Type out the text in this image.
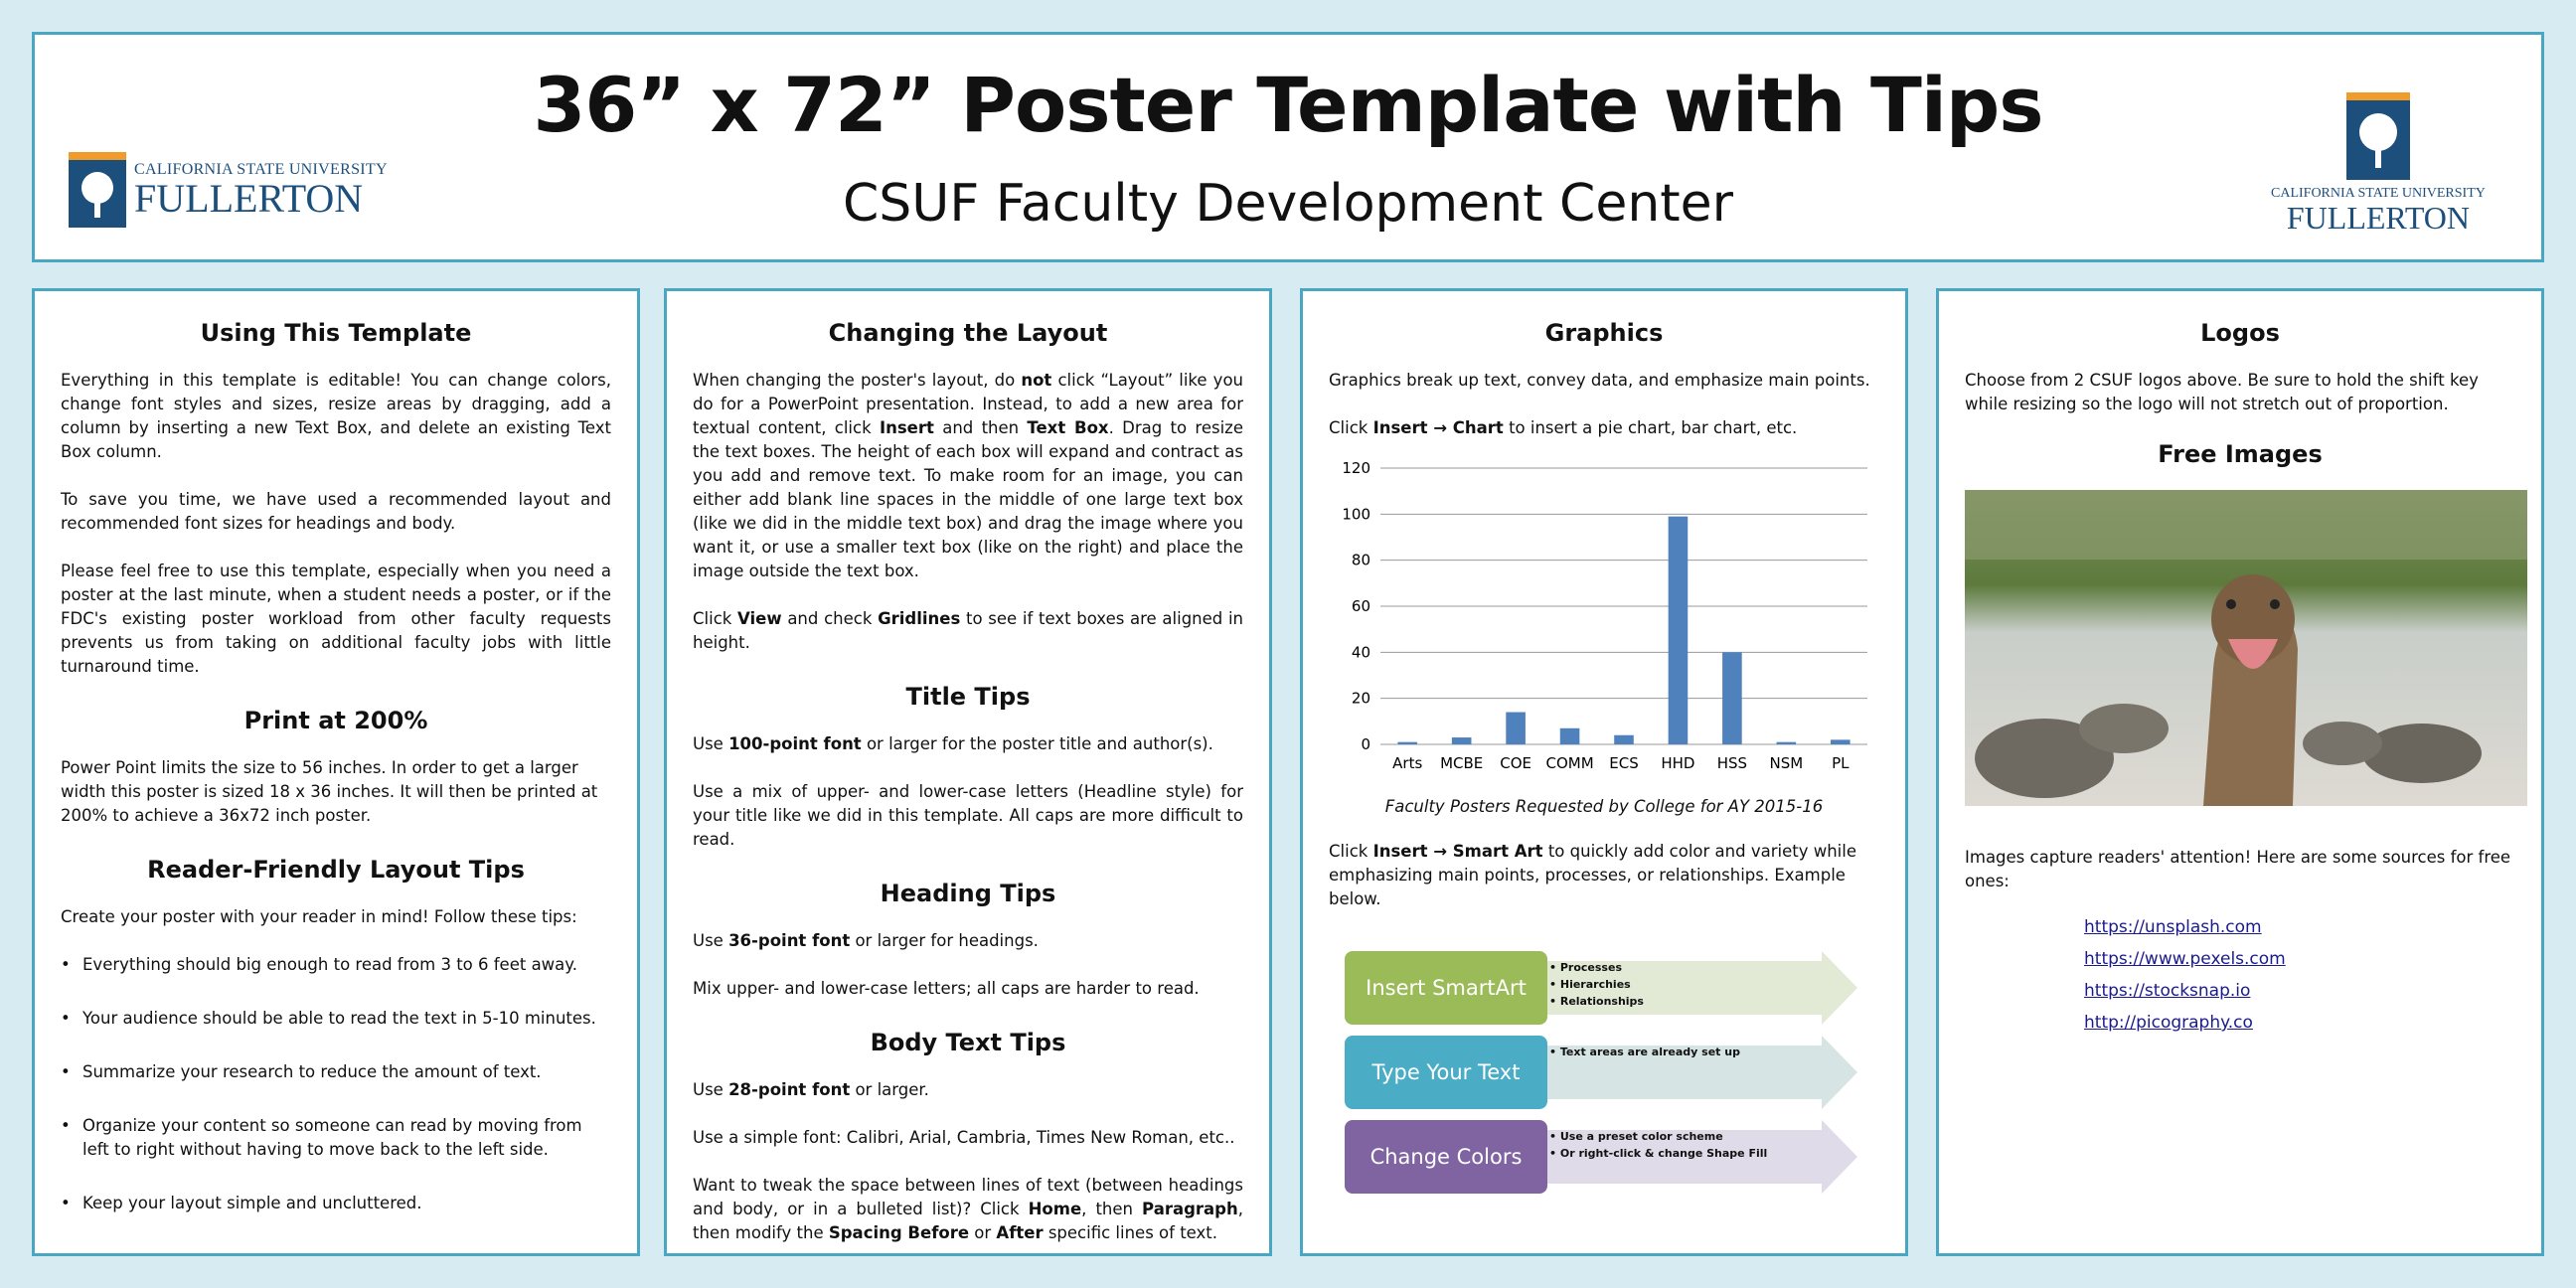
CALIFORNIA STATE UNIVERSITY
FULLERTON
36” x 72” Poster Template with Tips
CSUF Faculty Development Center	CALIFORNIA STATE UNIVERSITY
FULLERTON
Using This Template

Everything in this template is editable! You can change colors, change font styles and sizes, resize areas by dragging, add a column by inserting a new Text Box, and delete an existing Text Box column.

To save you time, we have used a recommended layout and recommended font sizes for headings and body.

Please feel free to use this template, especially when you need a poster at the last minute, when a student needs a poster, or if the FDC's existing poster workload from other faculty requests prevents us from taking on additional faculty jobs with little turnaround time.

Print at 200%

Power Point limits the size to 56 inches. In order to get a larger width this poster is sized 18 x 36 inches. It will then be printed at 200% to achieve a 36x72 inch poster.

Reader-Friendly Layout Tips

Create your poster with your reader in mind! Follow these tips:

• Everything should big enough to read from 3 to 6 feet away.
• Your audience should be able to read the text in 5-10 minutes.
• Summarize your research to reduce the amount of text.
• Organize your content so someone can read by moving from left to right without having to move back to the left side.
• Keep your layout simple and uncluttered.
Changing the Layout

When changing the poster's layout, do not click “Layout” like you do for a PowerPoint presentation. Instead, to add a new area for textual content, click Insert and then Text Box. Drag to resize the text boxes. The height of each box will expand and contract as you add and remove text. To make room for an image, you can either add blank line spaces in the middle of one large text box (like we did in the middle text box) and drag the image where you want it, or use a smaller text box (like on the right) and place the image outside the text box.

Click View and check Gridlines to see if text boxes are aligned in height.

Title Tips

Use 100-point font or larger for the poster title and author(s).

Use a mix of upper- and lower-case letters (Headline style) for your title like we did in this template. All caps are more difficult to read.

Heading Tips

Use 36-point font or larger for headings.

Mix upper- and lower-case letters; all caps are harder to read.

Body Text Tips

Use 28-point font or larger.

Use a simple font: Calibri, Arial, Cambria, Times New Roman, etc..

Want to tweak the space between lines of text (between headings and body, or in a bulleted list)? Click Home, then Paragraph, then modify the Spacing Before or After specific lines of text.

Graphics

Graphics break up text, convey data, and emphasize main points.

Click Insert → Chart to insert a pie chart, bar chart, etc.

0
20
40
60
80
100
120
Arts MCBE COE COMM ECS HHD HSS NSM PL
Faculty Posters Requested by College for AY 2015-16

Click Insert → Smart Art to quickly add color and variety while emphasizing main points, processes, or relationships. Example below.

Insert SmartArt
• Processes
• Hierarchies
• Relationships
Type Your Text
• Text areas are already set up
Change Colors
• Use a preset color scheme
• Or right-click & change Shape Fill
Logos

Choose from 2 CSUF logos above. Be sure to hold the shift key while resizing so the logo will not stretch out of proportion.

Free Images

Images capture readers' attention! Here are some sources for free ones:

https://unsplash.com
https://www.pexels.com
https://stocksnap.io
http://picography.co
